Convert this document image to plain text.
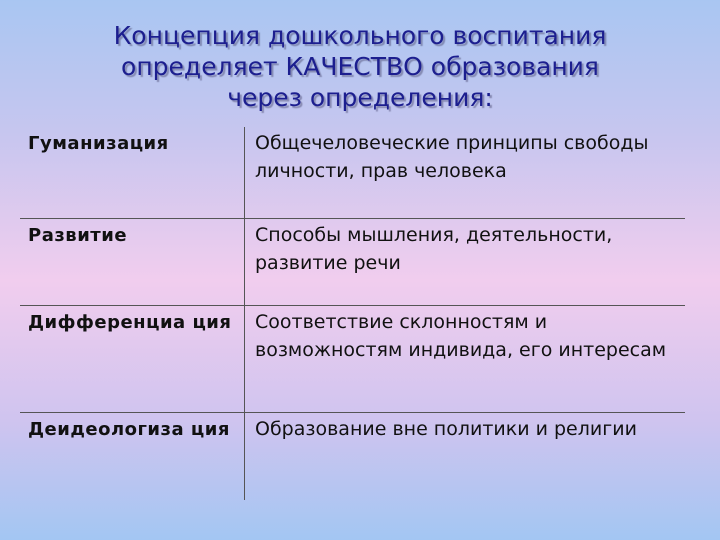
Концепция дошкольного воспитания
определяет КАЧЕСТВО образования
через определения:
Гуманизация	Общечеловеческие принципы свободы личности, прав человека
Развитие	Способы мышления, деятельности, развитие речи
Дифференциа ция	Соответствие склонностям и возможностям индивида, его интересам
Деидеологиза ция	Образование вне политики и религии
